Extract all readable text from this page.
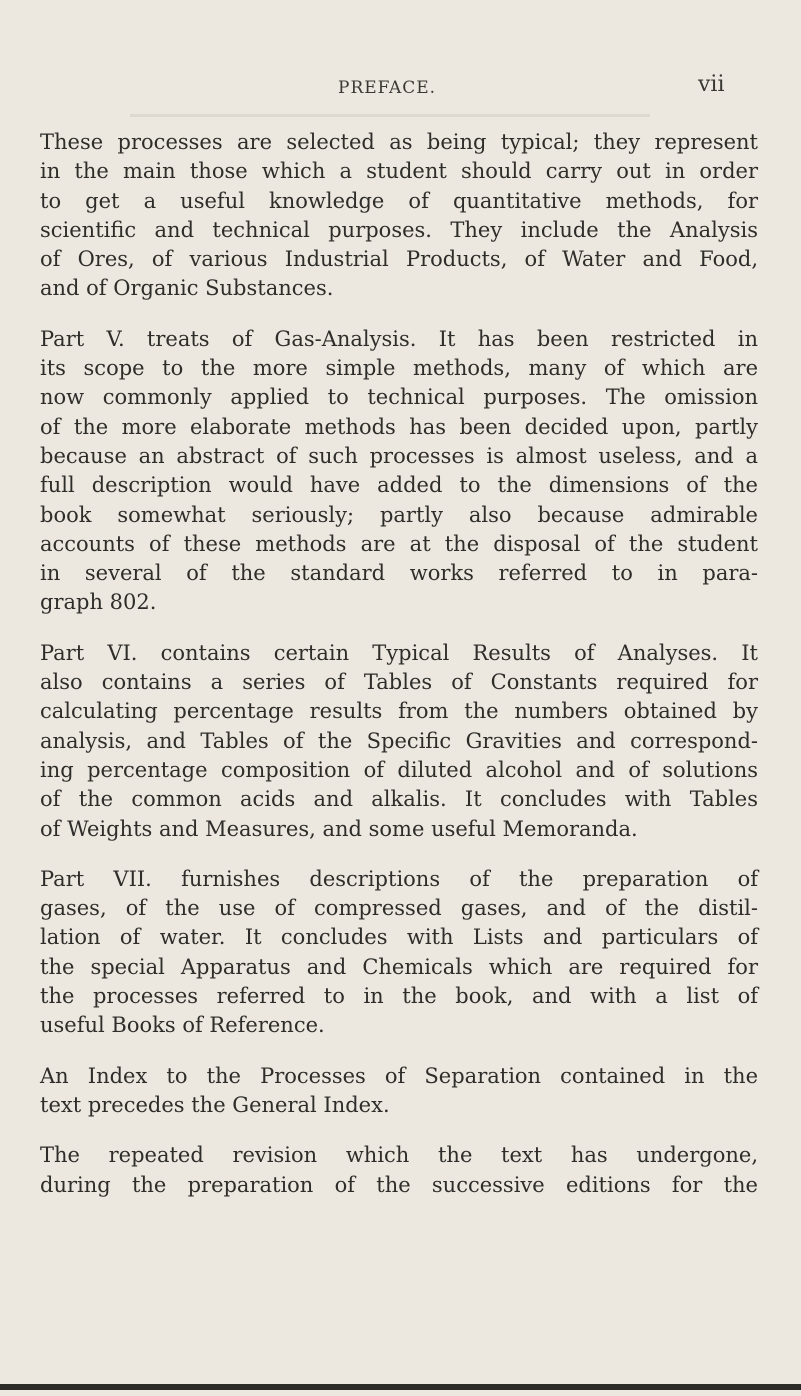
PREFACE.	vii

These processes are selected as being typical; they represent
in the main those which a student should carry out in order
to get a useful knowledge of quantitative methods, for
scientific and technical purposes. They include the Analysis
of Ores, of various Industrial Products, of Water and Food,
and of Organic Substances.

Part V. treats of Gas-Analysis. It has been restricted in
its scope to the more simple methods, many of which are
now commonly applied to technical purposes. The omission
of the more elaborate methods has been decided upon, partly
because an abstract of such processes is almost useless, and a
full description would have added to the dimensions of the
book somewhat seriously; partly also because admirable
accounts of these methods are at the disposal of the student
in several of the standard works referred to in para-
graph 802.

Part VI. contains certain Typical Results of Analyses. It
also contains a series of Tables of Constants required for
calculating percentage results from the numbers obtained by
analysis, and Tables of the Specific Gravities and correspond-
ing percentage composition of diluted alcohol and of solutions
of the common acids and alkalis. It concludes with Tables
of Weights and Measures, and some useful Memoranda.

Part VII. furnishes descriptions of the preparation of
gases, of the use of compressed gases, and of the distil-
lation of water. It concludes with Lists and particulars of
the special Apparatus and Chemicals which are required for
the processes referred to in the book, and with a list of
useful Books of Reference.

An Index to the Processes of Separation contained in the
text precedes the General Index.

The repeated revision which the text has undergone,
during the preparation of the successive editions for the
